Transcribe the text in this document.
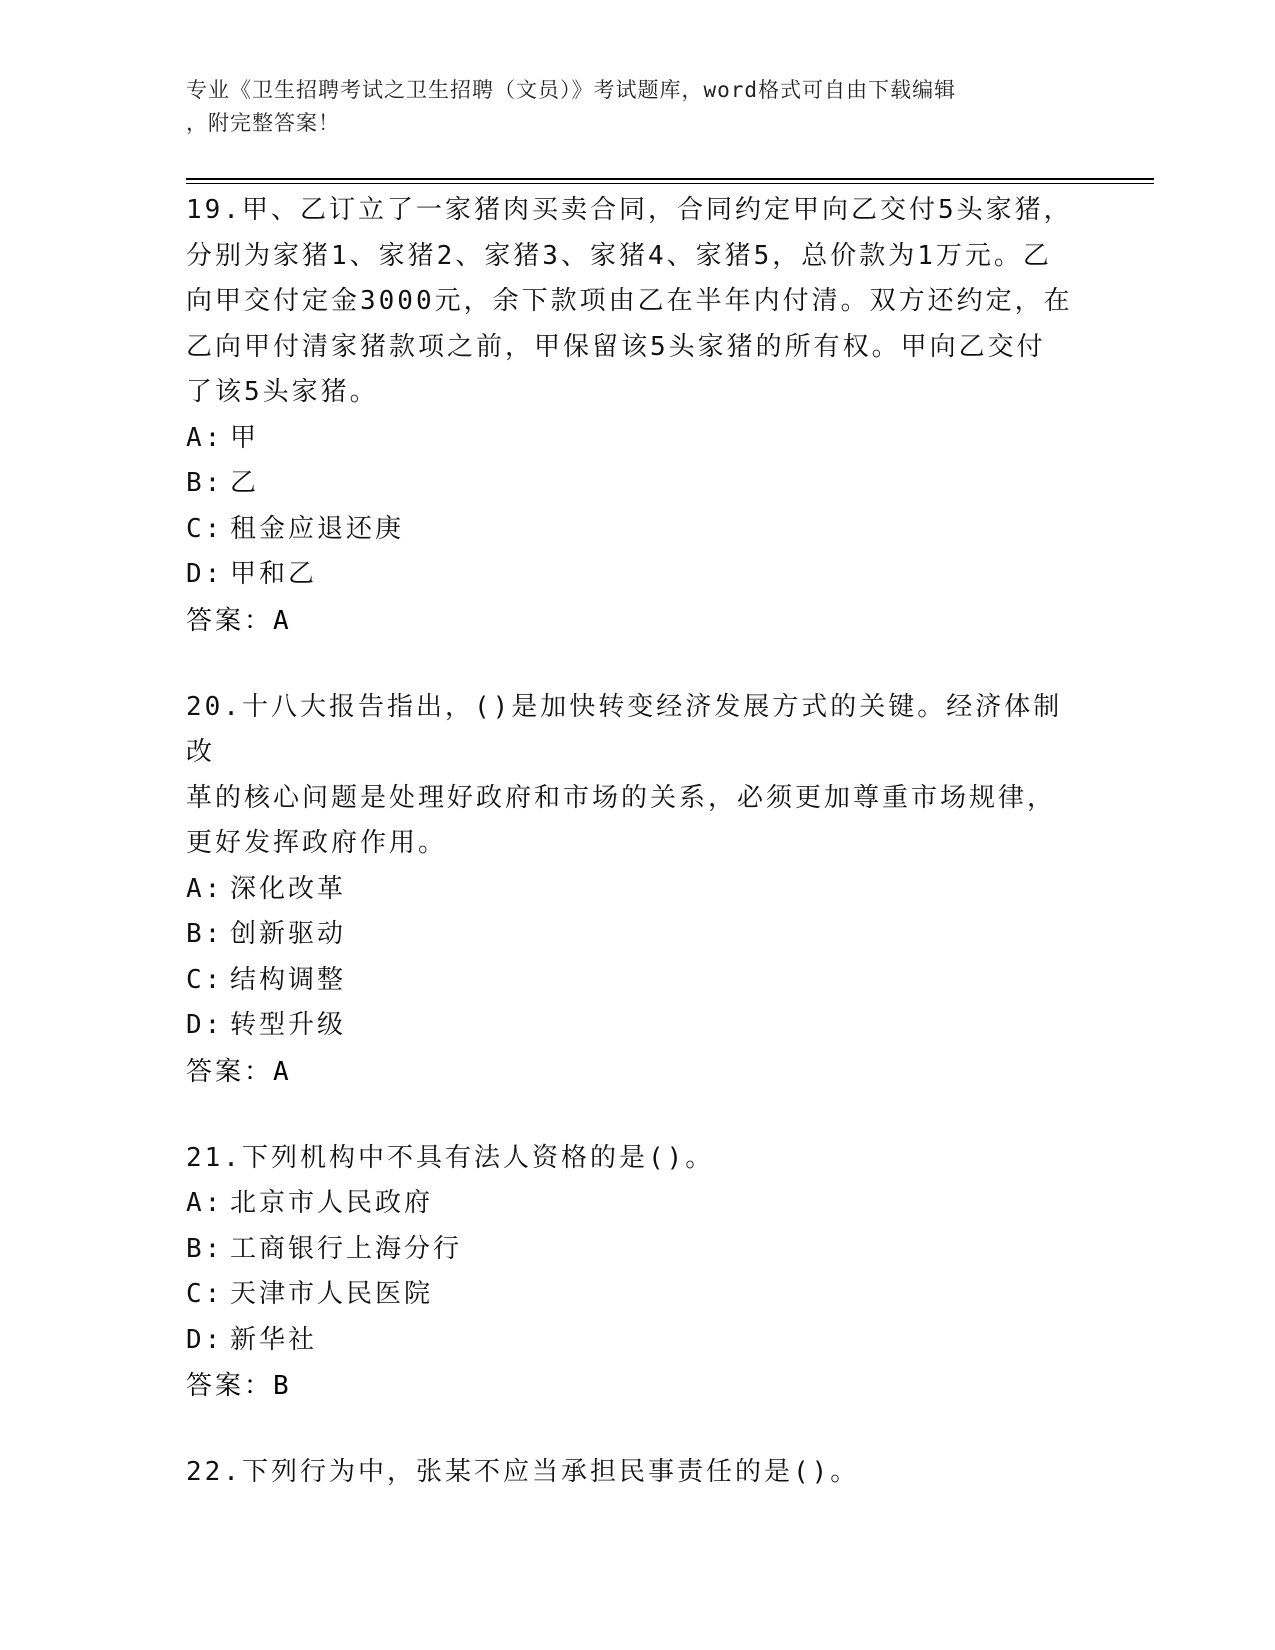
专业《卫生招聘考试之卫生招聘（文员）》考试题库，word格式可自由下载编辑
，附完整答案！
19.甲、乙订立了一家猪肉买卖合同，合同约定甲向乙交付5头家猪，
分别为家猪1、家猪2、家猪3、家猪4、家猪5，总价款为1万元。乙
向甲交付定金3000元，余下款项由乙在半年内付清。双方还约定，在
乙向甲付清家猪款项之前，甲保留该5头家猪的所有权。甲向乙交付
了该5头家猪。
A: 甲
B: 乙
C: 租金应退还庚
D: 甲和乙
答案：A
20.十八大报告指出，()是加快转变经济发展方式的关键。经济体制改
革的核心问题是处理好政府和市场的关系，必须更加尊重市场规律，
更好发挥政府作用。
A: 深化改革
B: 创新驱动
C: 结构调整
D: 转型升级
答案：A
21.下列机构中不具有法人资格的是()。
A: 北京市人民政府
B: 工商银行上海分行
C: 天津市人民医院
D: 新华社
答案：B
22.下列行为中，张某不应当承担民事责任的是()。
